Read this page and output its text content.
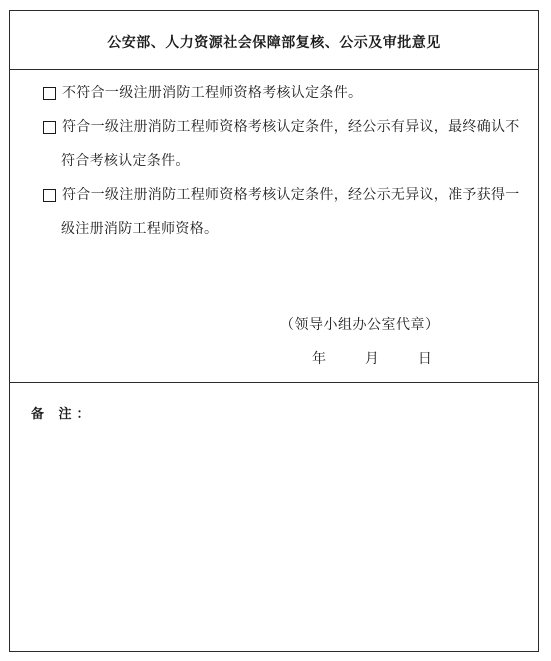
公安部、人力资源社会保障部复核、公示及审批意见
不符合一级注册消防工程师资格考核认定条件。
符合一级注册消防工程师资格考核认定条件，经公示有异议，最终确认不
符合考核认定条件。
符合一级注册消防工程师资格考核认定条件，经公示无异议，准予获得一
级注册消防工程师资格。
（领导小组办公室代章）
年	月	日
备 注：
